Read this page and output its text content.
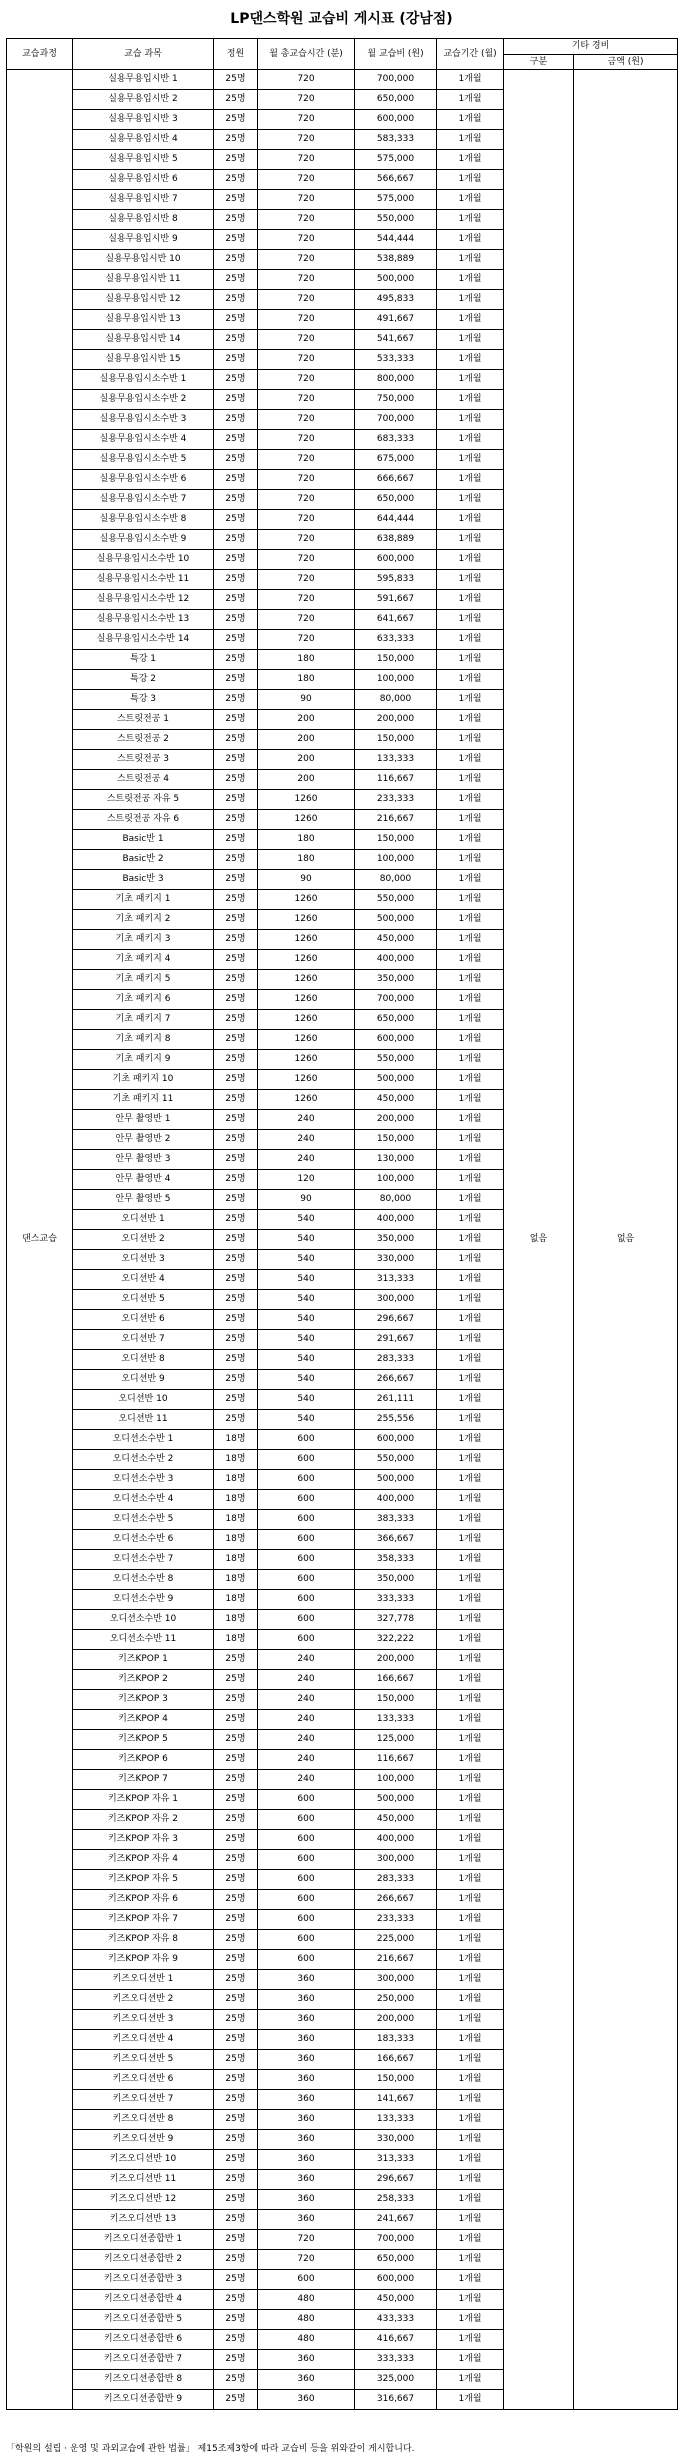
LP댄스학원 교습비 게시표 (강남점)
교습과정	교습 과목	정원	월 총교습시간 (분)	월 교습비 (원)	교습기간 (월)	기타 경비	
						구분	금액 (원)
댄스교습	실용무용입시반 1	25명	720	700,000	1개월	없음	없음
	실용무용입시반 2	25명	720	650,000	1개월		
	실용무용입시반 3	25명	720	600,000	1개월		
	실용무용입시반 4	25명	720	583,333	1개월		
	실용무용입시반 5	25명	720	575,000	1개월		
	실용무용입시반 6	25명	720	566,667	1개월		
	실용무용입시반 7	25명	720	575,000	1개월		
	실용무용입시반 8	25명	720	550,000	1개월		
	실용무용입시반 9	25명	720	544,444	1개월		
	실용무용입시반 10	25명	720	538,889	1개월		
	실용무용입시반 11	25명	720	500,000	1개월		
	실용무용입시반 12	25명	720	495,833	1개월		
	실용무용입시반 13	25명	720	491,667	1개월		
	실용무용입시반 14	25명	720	541,667	1개월		
	실용무용입시반 15	25명	720	533,333	1개월		
	실용무용입시소수반 1	25명	720	800,000	1개월		
	실용무용입시소수반 2	25명	720	750,000	1개월		
	실용무용입시소수반 3	25명	720	700,000	1개월		
	실용무용입시소수반 4	25명	720	683,333	1개월		
	실용무용입시소수반 5	25명	720	675,000	1개월		
	실용무용입시소수반 6	25명	720	666,667	1개월		
	실용무용입시소수반 7	25명	720	650,000	1개월		
	실용무용입시소수반 8	25명	720	644,444	1개월		
	실용무용입시소수반 9	25명	720	638,889	1개월		
	실용무용입시소수반 10	25명	720	600,000	1개월		
	실용무용입시소수반 11	25명	720	595,833	1개월		
	실용무용입시소수반 12	25명	720	591,667	1개월		
	실용무용입시소수반 13	25명	720	641,667	1개월		
	실용무용입시소수반 14	25명	720	633,333	1개월		
	특강 1	25명	180	150,000	1개월		
	특강 2	25명	180	100,000	1개월		
	특강 3	25명	90	80,000	1개월		
	스트릿전공 1	25명	200	200,000	1개월		
	스트릿전공 2	25명	200	150,000	1개월		
	스트릿전공 3	25명	200	133,333	1개월		
	스트릿전공 4	25명	200	116,667	1개월		
	스트릿전공 자유 5	25명	1260	233,333	1개월		
	스트릿전공 자유 6	25명	1260	216,667	1개월		
	Basic반 1	25명	180	150,000	1개월		
	Basic반 2	25명	180	100,000	1개월		
	Basic반 3	25명	90	80,000	1개월		
	기초 패키지 1	25명	1260	550,000	1개월		
	기초 패키지 2	25명	1260	500,000	1개월		
	기초 패키지 3	25명	1260	450,000	1개월		
	기초 패키지 4	25명	1260	400,000	1개월		
	기초 패키지 5	25명	1260	350,000	1개월		
	기초 패키지 6	25명	1260	700,000	1개월		
	기초 패키지 7	25명	1260	650,000	1개월		
	기초 패키지 8	25명	1260	600,000	1개월		
	기초 패키지 9	25명	1260	550,000	1개월		
	기초 패키지 10	25명	1260	500,000	1개월		
	기초 패키지 11	25명	1260	450,000	1개월		
	안무 촬영반 1	25명	240	200,000	1개월		
	안무 촬영반 2	25명	240	150,000	1개월		
	안무 촬영반 3	25명	240	130,000	1개월		
	안무 촬영반 4	25명	120	100,000	1개월		
	안무 촬영반 5	25명	90	80,000	1개월		
	오디션반 1	25명	540	400,000	1개월		
	오디션반 2	25명	540	350,000	1개월		
	오디션반 3	25명	540	330,000	1개월		
	오디션반 4	25명	540	313,333	1개월		
	오디션반 5	25명	540	300,000	1개월		
	오디션반 6	25명	540	296,667	1개월		
	오디션반 7	25명	540	291,667	1개월		
	오디션반 8	25명	540	283,333	1개월		
	오디션반 9	25명	540	266,667	1개월		
	오디션반 10	25명	540	261,111	1개월		
	오디션반 11	25명	540	255,556	1개월		
	오디션소수반 1	18명	600	600,000	1개월		
	오디션소수반 2	18명	600	550,000	1개월		
	오디션소수반 3	18명	600	500,000	1개월		
	오디션소수반 4	18명	600	400,000	1개월		
	오디션소수반 5	18명	600	383,333	1개월		
	오디션소수반 6	18명	600	366,667	1개월		
	오디션소수반 7	18명	600	358,333	1개월		
	오디션소수반 8	18명	600	350,000	1개월		
	오디션소수반 9	18명	600	333,333	1개월		
	오디션소수반 10	18명	600	327,778	1개월		
	오디션소수반 11	18명	600	322,222	1개월		
	키즈KPOP 1	25명	240	200,000	1개월		
	키즈KPOP 2	25명	240	166,667	1개월		
	키즈KPOP 3	25명	240	150,000	1개월		
	키즈KPOP 4	25명	240	133,333	1개월		
	키즈KPOP 5	25명	240	125,000	1개월		
	키즈KPOP 6	25명	240	116,667	1개월		
	키즈KPOP 7	25명	240	100,000	1개월		
	키즈KPOP 자유 1	25명	600	500,000	1개월		
	키즈KPOP 자유 2	25명	600	450,000	1개월		
	키즈KPOP 자유 3	25명	600	400,000	1개월		
	키즈KPOP 자유 4	25명	600	300,000	1개월		
	키즈KPOP 자유 5	25명	600	283,333	1개월		
	키즈KPOP 자유 6	25명	600	266,667	1개월		
	키즈KPOP 자유 7	25명	600	233,333	1개월		
	키즈KPOP 자유 8	25명	600	225,000	1개월		
	키즈KPOP 자유 9	25명	600	216,667	1개월		
	키즈오디션반 1	25명	360	300,000	1개월		
	키즈오디션반 2	25명	360	250,000	1개월		
	키즈오디션반 3	25명	360	200,000	1개월		
	키즈오디션반 4	25명	360	183,333	1개월		
	키즈오디션반 5	25명	360	166,667	1개월		
	키즈오디션반 6	25명	360	150,000	1개월		
	키즈오디션반 7	25명	360	141,667	1개월		
	키즈오디션반 8	25명	360	133,333	1개월		
	키즈오디션반 9	25명	360	330,000	1개월		
	키즈오디션반 10	25명	360	313,333	1개월		
	키즈오디션반 11	25명	360	296,667	1개월		
	키즈오디션반 12	25명	360	258,333	1개월		
	키즈오디션반 13	25명	360	241,667	1개월		
	키즈오디션종합반 1	25명	720	700,000	1개월		
	키즈오디션종합반 2	25명	720	650,000	1개월		
	키즈오디션종합반 3	25명	600	600,000	1개월		
	키즈오디션종합반 4	25명	480	450,000	1개월		
	키즈오디션종합반 5	25명	480	433,333	1개월		
	키즈오디션종합반 6	25명	480	416,667	1개월		
	키즈오디션종합반 7	25명	360	333,333	1개월		
	키즈오디션종합반 8	25명	360	325,000	1개월		
	키즈오디션종합반 9	25명	360	316,667	1개월		
「학원의 설립 · 운영 및 과외교습에 관한 법률」 제15조제3항에 따라 교습비 등을 위와같이 게시합니다.
